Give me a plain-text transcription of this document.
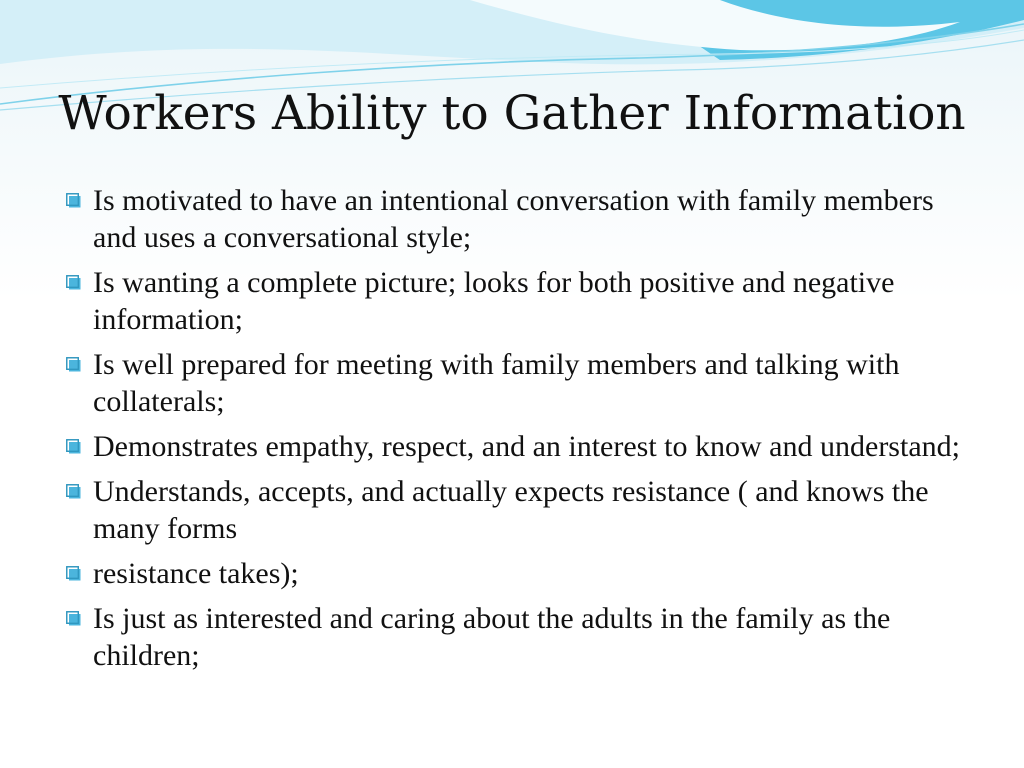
Workers Ability to Gather Information
Is motivated to have an intentional conversation with family members and uses a conversational style;
Is wanting a complete picture; looks for both positive and negative information;
Is well prepared for meeting with family members and talking with collaterals;
Demonstrates empathy, respect, and an interest to know and understand;
Understands, accepts, and actually expects resistance ( and knows the many forms
resistance takes);
Is just as interested and caring about the adults in the family as the children;
